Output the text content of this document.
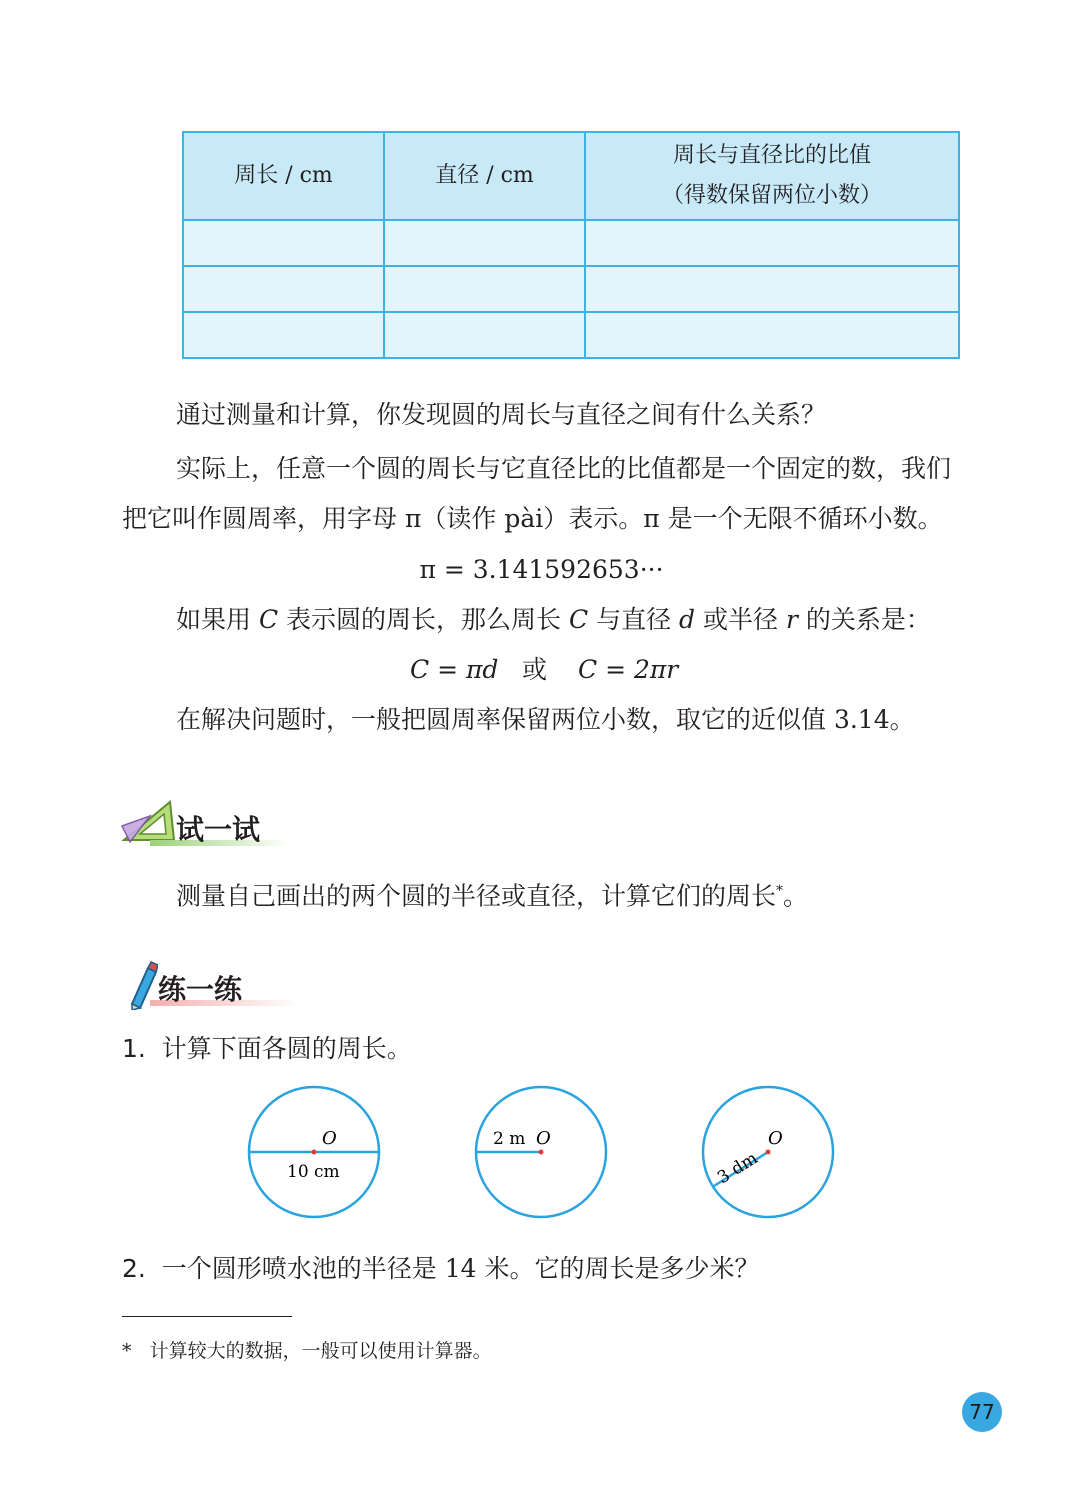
周长 / cm	直径 / cm	周长与直径比的比值
（得数保留两位小数）

通过测量和计算，你发现圆的周长与直径之间有什么关系？
实际上，任意一个圆的周长与它直径比的比值都是一个固定的数，我们
把它叫作圆周率，用字母 π（读作 pài）表示。π 是一个无限不循环小数。
π = 3.141592653···
如果用 C 表示圆的周长，那么周长 C 与直径 d 或半径 r 的关系是：
C = πd 或 C = 2πr
在解决问题时，一般把圆周率保留两位小数，取它的近似值 3.14。
试一试
测量自己画出的两个圆的半径或直径，计算它们的周长*。
练一练
1. 计算下面各圆的周长。
O
10 cm
2 m O	O
3 dm
2. 一个圆形喷水池的半径是 14 米。它的周长是多少米？
* 计算较大的数据，一般可以使用计算器。
77
